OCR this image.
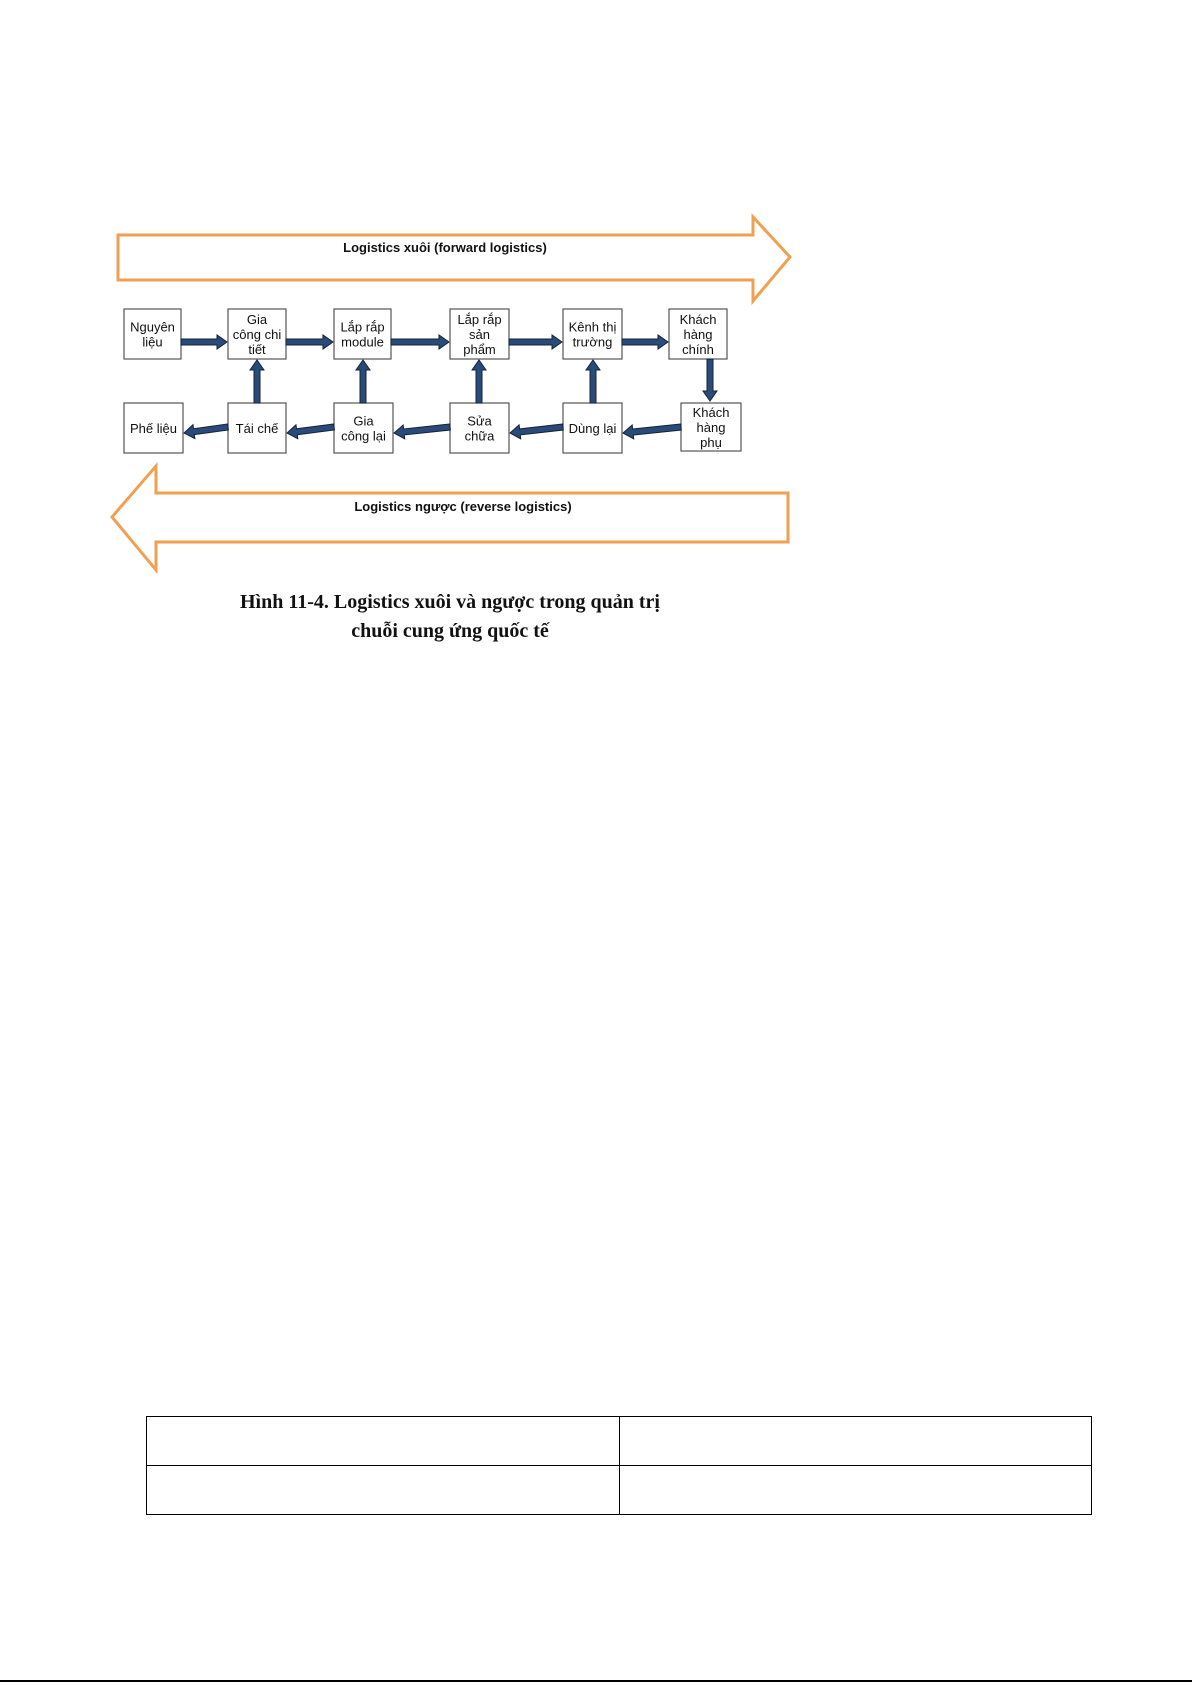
Logistics xuôi (forward logistics)
Logistics ngược (reverse logistics)
Nguyên
liệu
Gia
công chi
tiết
Lắp rắp
module
Lắp rắp
sản
phẩm
Kênh thị
trường
Khách
hàng
chính
Phế liệu	Tái chế	Gia
công lại
Sửa
chữa	Dùng lại
Khách
hàng
phụ
Hình 11-4. Logistics xuôi và ngược trong quản trị
chuỗi cung ứng quốc tế
